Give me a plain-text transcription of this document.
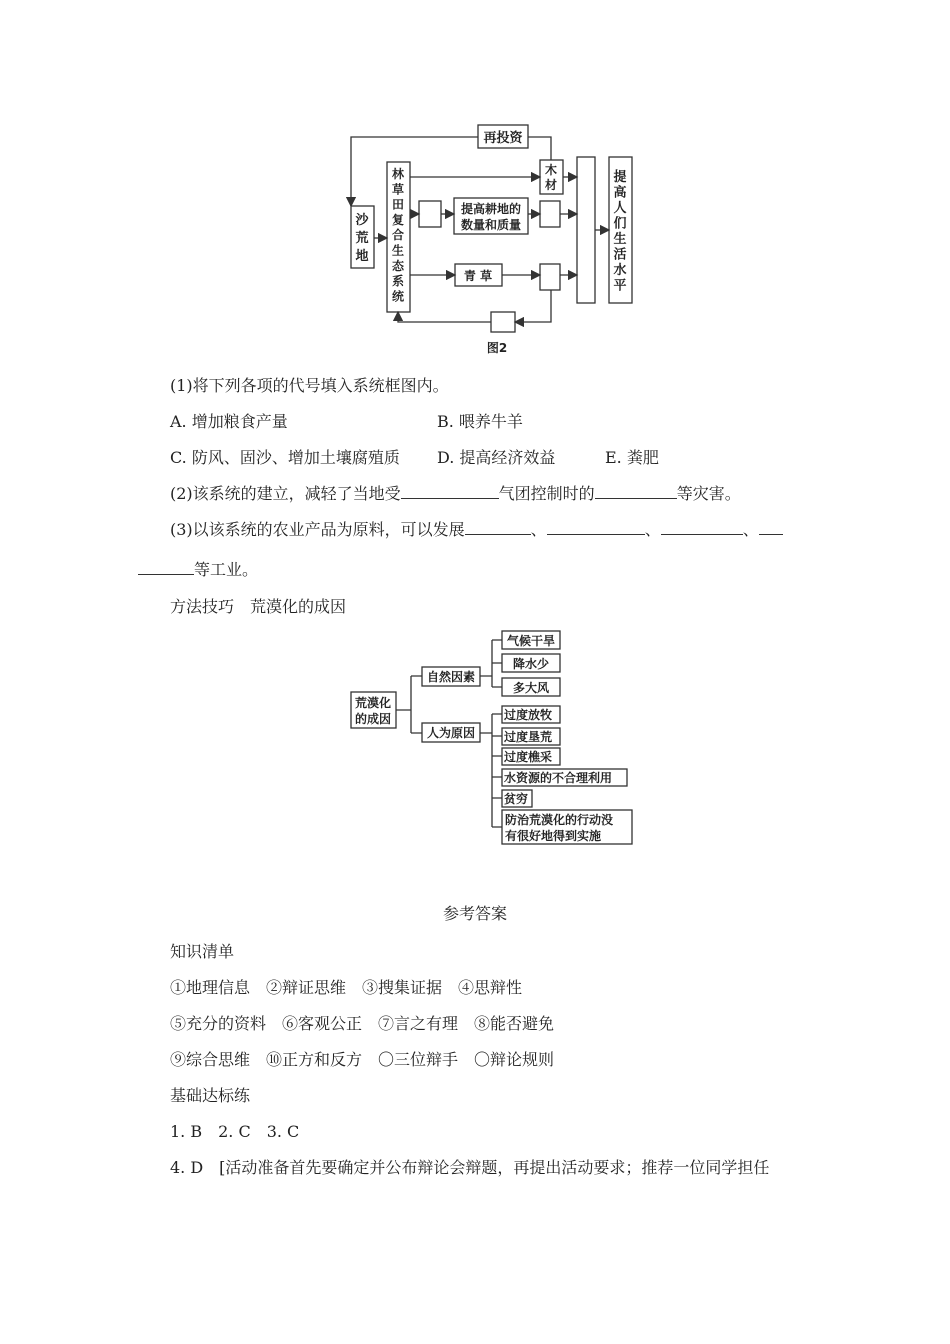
再投资
沙荒地
林草田复合生态系统
木材
提高耕地的
数量和质量
青 草
提高人们生活水平
图2
(1)将下列各项的代号填入系统框图内。
A. 增加粮食产量	B. 喂养牛羊
C. 防风、固沙、增加土壤腐殖质 D. 提高经济效益	E. 粪肥
(2)该系统的建立，减轻了当地受	气团控制时的	等灾害。
(3)以该系统的农业产品为原料，可以发展	、	、	、
等工业。
方法技巧　荒漠化的成因
荒漠化
的成因
自然因素
人为原因
气候干旱
降水少
多大风
过度放牧
过度垦荒
过度樵采
水资源的不合理利用
贫穷
防治荒漠化的行动没
有很好地得到实施
参考答案
知识清单
①地理信息　②辩证思维　③搜集证据　④思辩性
⑤充分的资料　⑥客观公正　⑦言之有理　⑧能否避免
⑨综合思维　⑩正方和反方　〇三位辩手　〇辩论规则
基础达标练
1. B　2. C　3. C
4. D　[活动准备首先要确定并公布辩论会辩题，再提出活动要求；推荐一位同学担任
